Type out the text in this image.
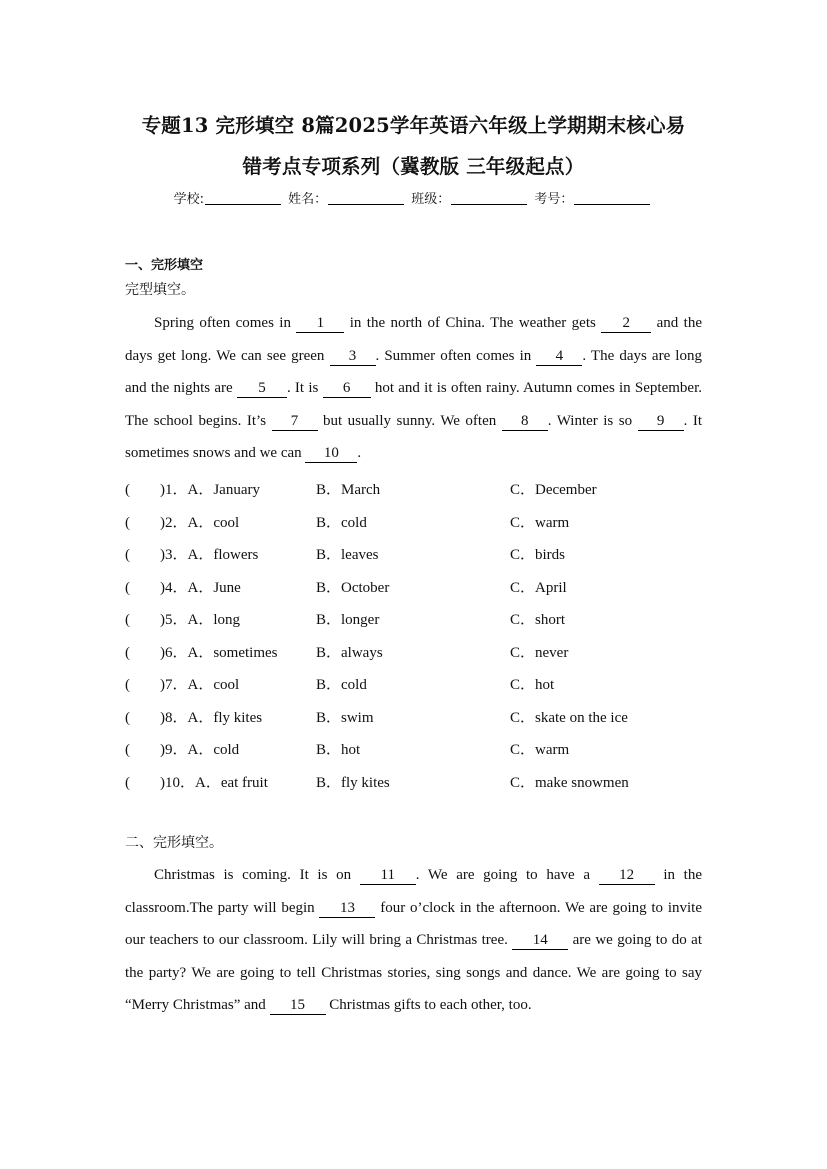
专题13 完形填空 8篇2025学年英语六年级上学期期末核心易
错考点专项系列（冀教版 三年级起点）
学校:	姓名：	班级：	考号：
一、完形填空
完型填空。
Spring often comes in 1 in the north of China. The weather gets 2 and the days get long. We can see green 3 . Summer often comes in 4 . The days are long and the nights are 5 . It is 6 hot and it is often rainy. Autumn comes in September. The school begins. It’s 7 but usually sunny. We often 8 . Winter is so 9 . It sometimes snows and we can 10 .
(　　)1．A．January	B．March	C．December
(　　)2．A．cool	B．cold	C．warm
(　　)3．A．flowers	B．leaves	C．birds
(　　)4．A．June	B．October	C．April
(　　)5．A．long	B．longer	C．short
(　　)6．A．sometimes	B．always	C．never
(　　)7．A．cool	B．cold	C．hot
(　　)8．A．fly kites	B．swim	C．skate on the ice
(　　)9．A．cold	B．hot	C．warm
(　　)10．A．eat fruit	B．fly kites	C．make snowmen
二、完形填空。
Christmas is coming. It is on 11 . We are going to have a 12 in the classroom.The party will begin 13 four o’clock in the afternoon. We are going to invite our teachers to our classroom. Lily will bring a Christmas tree. 14 are we going to do at the party? We are going to tell Christmas stories, sing songs and dance. We are going to say “Merry Christmas” and 15 Christmas gifts to each other, too.
